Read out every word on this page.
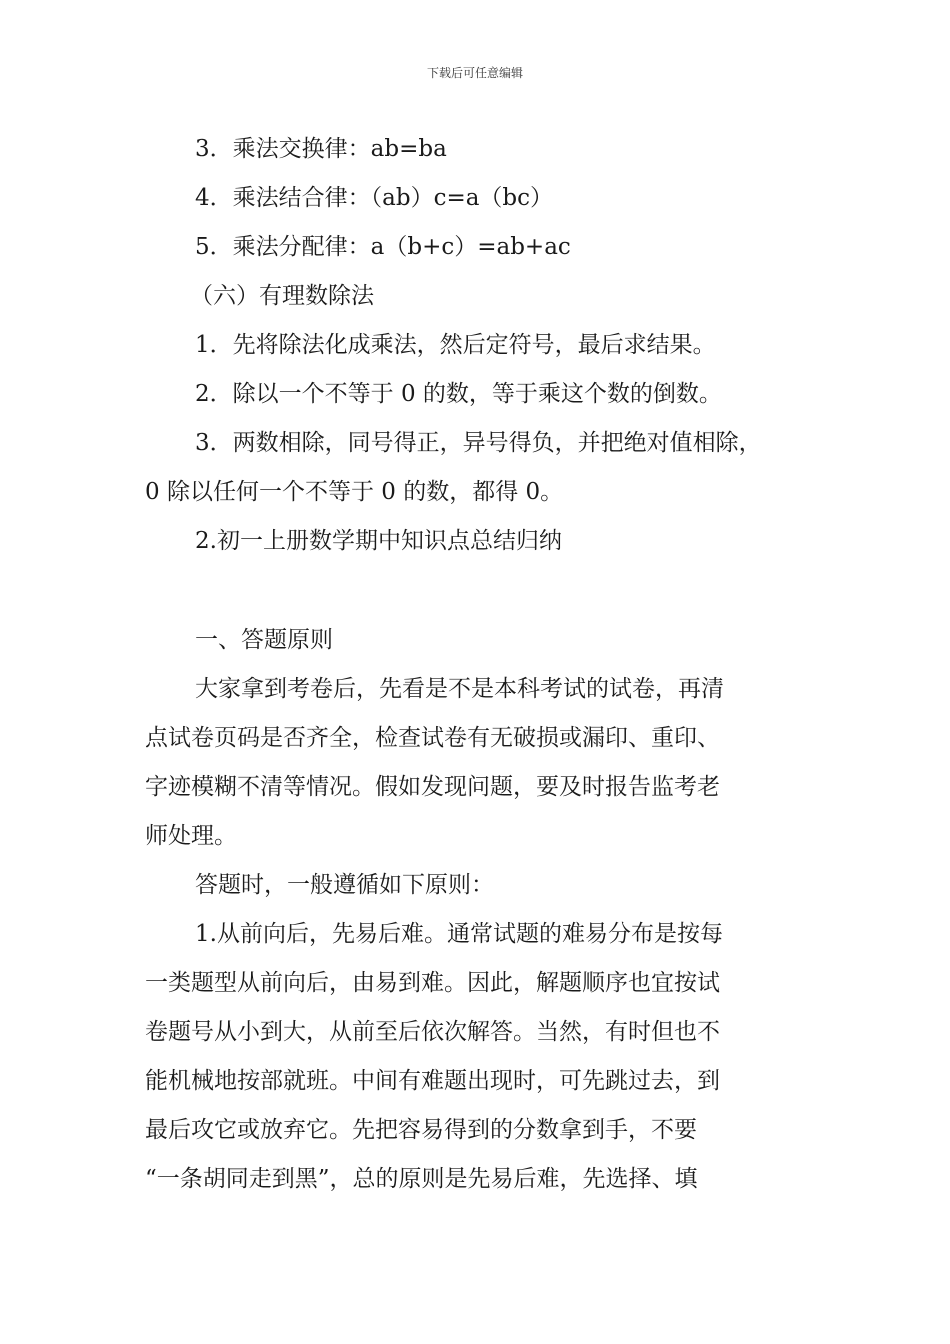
下载后可任意编辑
3．乘法交换律：ab=ba
4．乘法结合律：（ab）c=a（bc）
5．乘法分配律：a（b+c）=ab+ac
（六）有理数除法
1．先将除法化成乘法，然后定符号，最后求结果。
2．除以一个不等于 0 的数，等于乘这个数的倒数。
3．两数相除，同号得正，异号得负，并把绝对值相除，
0 除以任何一个不等于 0 的数，都得 0。
2.初一上册数学期中知识点总结归纳
一、答题原则
大家拿到考卷后，先看是不是本科考试的试卷，再清
点试卷页码是否齐全，检查试卷有无破损或漏印、重印、
字迹模糊不清等情况。假如发现问题，要及时报告监考老
师处理。
答题时，一般遵循如下原则：
1.从前向后，先易后难。通常试题的难易分布是按每
一类题型从前向后，由易到难。因此，解题顺序也宜按试
卷题号从小到大，从前至后依次解答。当然，有时但也不
能机械地按部就班。中间有难题出现时，可先跳过去，到
最后攻它或放弃它。先把容易得到的分数拿到手，不要
“一条胡同走到黑”，总的原则是先易后难，先选择、填
